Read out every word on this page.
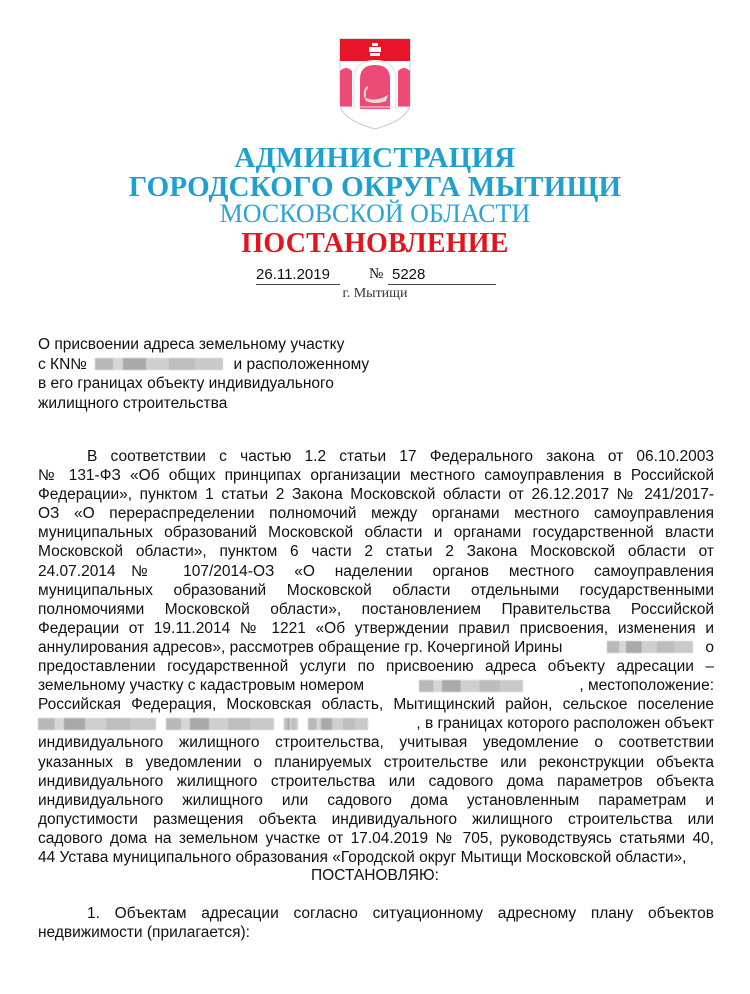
АДМИНИСТРАЦИЯ
ГОРОДСКОГО ОКРУГА МЫТИЩИ
МОСКОВСКОЙ ОБЛАСТИ
ПОСТАНОВЛЕНИЕ
26.11.2019	№ 5228
г. Мытищи
О присвоении адреса земельному участку
с КN№	и расположенному
в его границах объекту индивидуального
жилищного строительства
В соответствии с частью 1.2 статьи 17 Федерального закона от 06.10.2003
№ 131-ФЗ «Об общих принципах организации местного самоуправления в Российской
Федерации», пунктом 1 статьи 2 Закона Московской области от 26.12.2017 № 241/2017-
ОЗ «О перераспределении полномочий между органами местного самоуправления
муниципальных образований Московской области и органами государственной власти
Московской области», пунктом 6 части 2 статьи 2 Закона Московской области от
24.07.2014№ 107/2014-ОЗ «О наделении органов местного самоуправления
муниципальных образований Московской области отдельными государственными
полномочиями Московской области», постановлением Правительства Российской
Федерации от 19.11.2014 № 1221 «Об утверждении правил присвоения, изменения и
аннулирования адресов», рассмотрев обращение гр. Кочергиной Ирины	о
предоставлении государственной услуги по присвоению адреса объекту адресации –
земельному участку с кадастровым номером	, местоположение:
Российская Федерация, Московская область, Мытищинский район, сельское поселение
, в границах которого расположен объект
индивидуального жилищного строительства, учитывая уведомление о соответствии
указанных в уведомлении о планируемых строительстве или реконструкции объекта
индивидуального жилищного строительства или садового дома параметров объекта
индивидуального жилищного или садового дома установленным параметрам и
допустимости размещения объекта индивидуального жилищного строительства или
садового дома на земельном участке от 17.04.2019 № 705, руководствуясь статьями 40,
44 Устава муниципального образования «Городской округ Мытищи Московской области»,
ПОСТАНОВЛЯЮ:
1. Объектам адресации согласно ситуационному адресному плану объектов
недвижимости (прилагается):
